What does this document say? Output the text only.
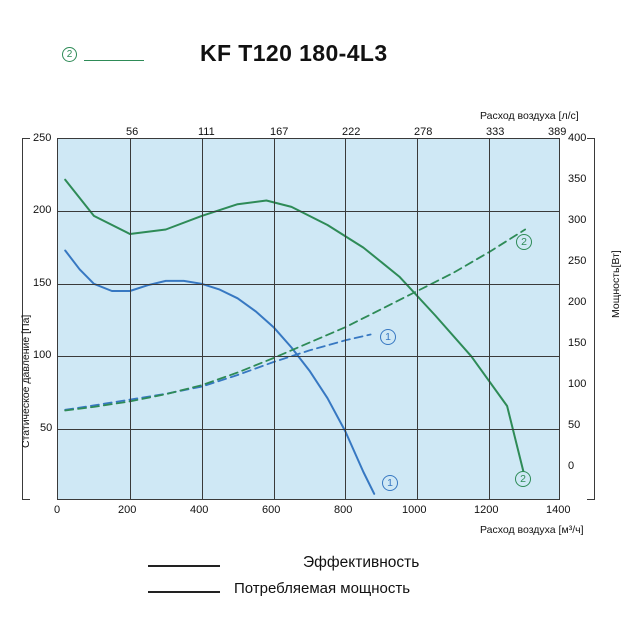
2	KF T120 180-4L3
Расход воздуха [л/с]
56	111	167	222	278	333	389
Статическое давление [Па]
Мощность[Вт]
250
200
150
100
50
400
350
300
250
200
150
100
50
0
1
2
1	2
0	200	400	600	800	1000	1200	1400
Расход воздуха [м³/ч]
Эффективность
Потребляемая мощность
